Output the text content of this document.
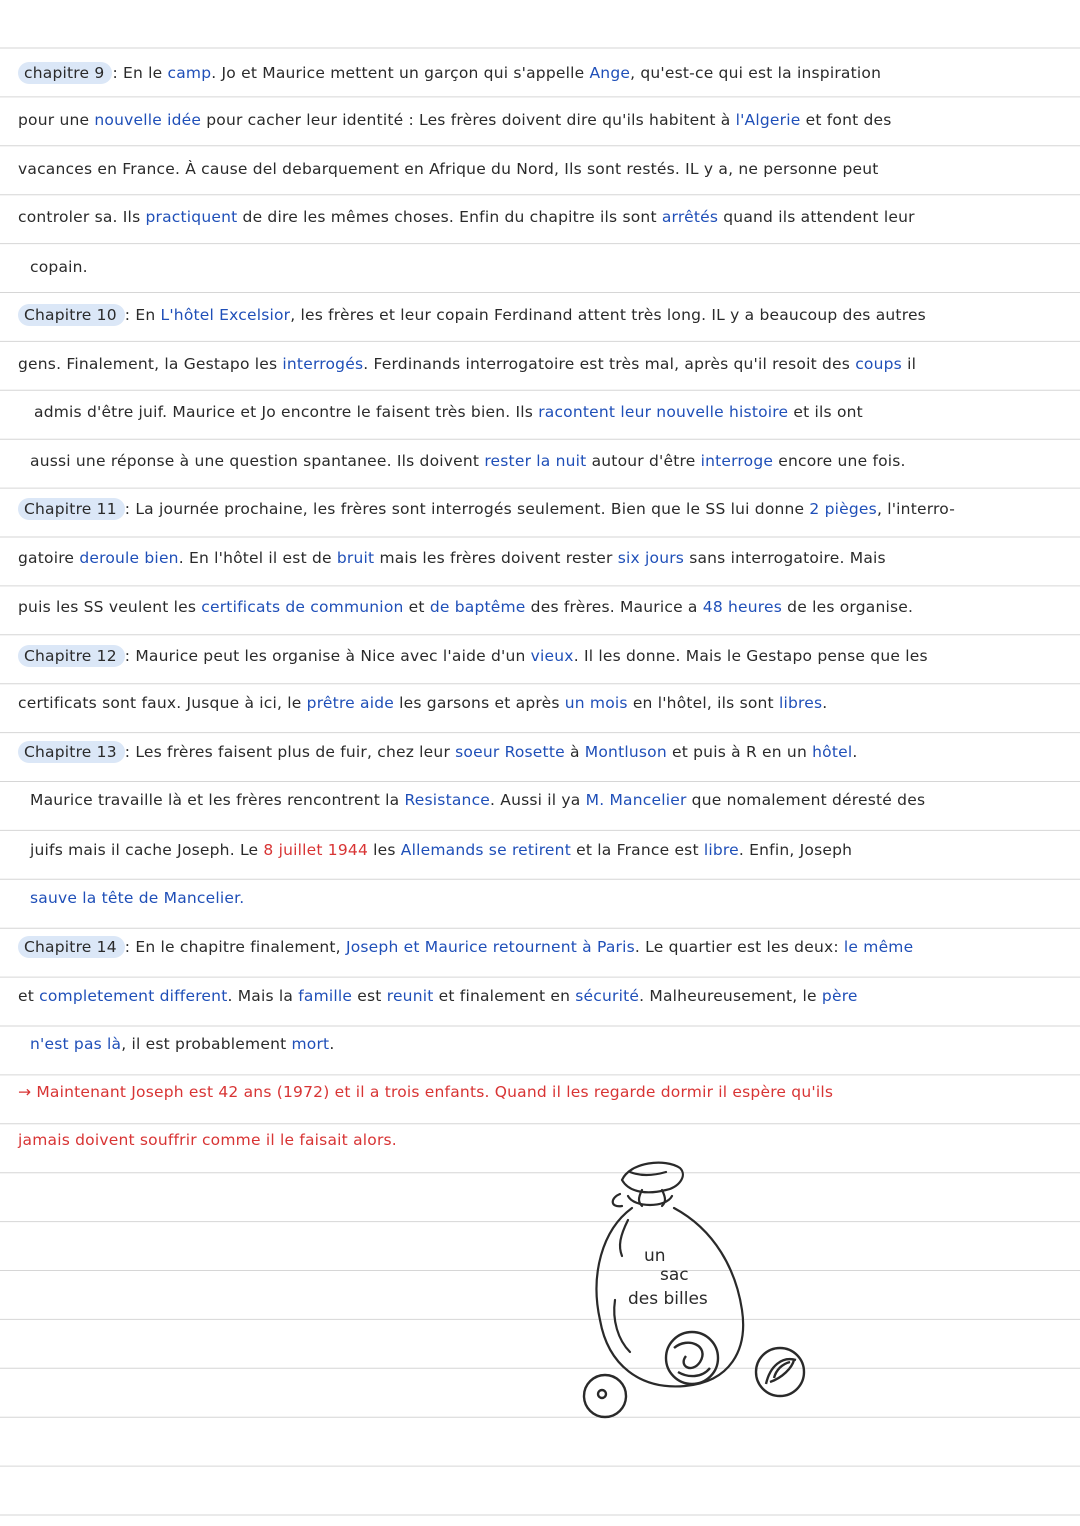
chapitre 9 : En le camp. Jo et Maurice mettent un garçon qui s'appelle Ange, qu'est-ce qui est la inspiration
pour une nouvelle idée pour cacher leur identité : Les frères doivent dire qu'ils habitent à l'Algerie et font des
vacances en France. À cause del debarquement en Afrique du Nord, Ils sont restés. IL y a, ne personne peut
controler sa. Ils practiquent de dire les mêmes choses. Enfin du chapitre ils sont arrêtés quand ils attendent leur
copain.
Chapitre 10 : En L'hôtel Excelsior, les frères et leur copain Ferdinand attent très long. IL y a beaucoup des autres
gens. Finalement, la Gestapo les interrogés. Ferdinands interrogatoire est très mal, après qu'il resoit des coups il
admis d'être juif. Maurice et Jo encontre le faisent très bien. Ils racontent leur nouvelle histoire et ils ont
aussi une réponse à une question spantanee. Ils doivent rester la nuit autour d'être interroge encore une fois.
Chapitre 11 : La journée prochaine, les frères sont interrogés seulement. Bien que le SS lui donne 2 pièges, l'interro-
gatoire deroule bien. En l'hôtel il est de bruit mais les frères doivent rester six jours sans interrogatoire. Mais
puis les SS veulent les certificats de communion et de baptême des frères. Maurice a 48 heures de les organise.
Chapitre 12 : Maurice peut les organise à Nice avec l'aide d'un vieux. Il les donne. Mais le Gestapo pense que les
certificats sont faux. Jusque à ici, le prêtre aide les garsons et après un mois en l'hôtel, ils sont libres.
Chapitre 13 : Les frères faisent plus de fuir, chez leur soeur Rosette à Montluson et puis à R en un hôtel.
Maurice travaille là et les frères rencontrent la Resistance. Aussi il ya M. Mancelier que nomalement déresté des
juifs mais il cache Joseph. Le 8 juillet 1944 les Allemands se retirent et la France est libre. Enfin, Joseph
sauve la tête de Mancelier.
Chapitre 14 : En le chapitre finalement, Joseph et Maurice retournent à Paris. Le quartier est les deux: le même
et completement different. Mais la famille est reunit et finalement en sécurité. Malheureusement, le père
n'est pas là, il est probablement mort.
→ Maintenant Joseph est 42 ans (1972) et il a trois enfants. Quand il les regarde dormir il espère qu'ils
jamais doivent souffrir comme il le faisait alors.
un
sac
des billes
